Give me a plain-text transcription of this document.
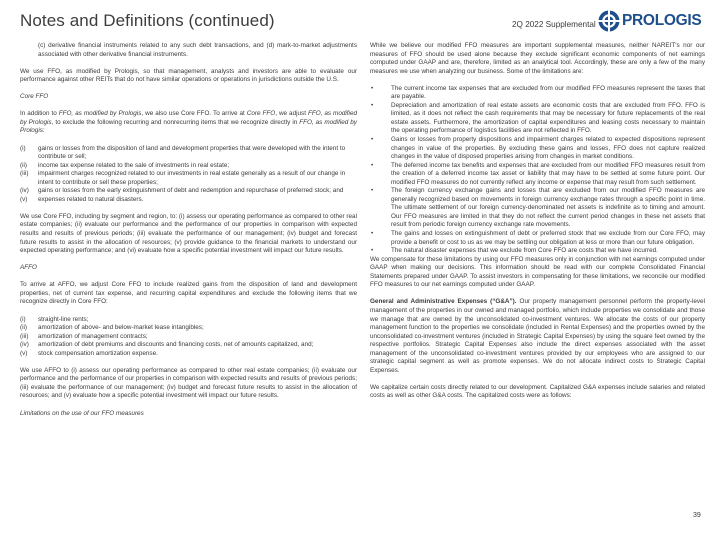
Notes and Definitions (continued)	2Q 2022 Supplemental PROLOGIS

(c) derivative financial instruments related to any such debt transactions, and (d) mark-to-market adjustments associated with other derivative financial instruments.

We use FFO, as modified by Prologis, so that management, analysts and investors are able to evaluate our performance against other REITs that do not have similar operations or operations in jurisdictions outside the U.S.

Core FFO

In addition to FFO, as modified by Prologis, we also use Core FFO. To arrive at Core FFO, we adjust FFO, as modified by Prologis, to exclude the following recurring and nonrecurring items that we recognize directly in FFO, as modified by Prologis:

(i)	gains or losses from the disposition of land and development properties that were developed with the intent to contribute or sell;
(ii)	income tax expense related to the sale of investments in real estate;
(iii)	impairment charges recognized related to our investments in real estate generally as a result of our change in intent to contribute or sell these properties;
(iv)	gains or losses from the early extinguishment of debt and redemption and repurchase of preferred stock; and
(v)	expenses related to natural disasters.

We use Core FFO, including by segment and region, to: (i) assess our operating performance as compared to other real estate companies; (ii) evaluate our performance and the performance of our properties in comparison with expected results and results of previous periods; (iii) evaluate the performance of our management; (iv) budget and forecast future results to assist in the allocation of resources; (v) provide guidance to the financial markets to understand our expected operating performance; and (vi) evaluate how a specific potential investment will impact our future results.

AFFO

To arrive at AFFO, we adjust Core FFO to include realized gains from the disposition of land and development properties, net of current tax expense, and recurring capital expenditures and exclude the following items that we recognize directly in Core FFO:

(i)	straight-line rents;
(ii)	amortization of above- and below-market lease intangibles;
(iii)	amortization of management contracts;
(iv)	amortization of debt premiums and discounts and financing costs, net of amounts capitalized, and;
(v)	stock compensation amortization expense.

We use AFFO to (i) assess our operating performance as compared to other real estate companies; (ii) evaluate our performance and the performance of our properties in comparison with expected results and results of previous periods; (iii) evaluate the performance of our management; (iv) budget and forecast future results to assist in the allocation of resources; and (v) evaluate how a specific potential investment will impact our future results.

Limitations on the use of our FFO measures

While we believe our modified FFO measures are important supplemental measures, neither NAREIT's nor our measures of FFO should be used alone because they exclude significant economic components of net earnings computed under GAAP and are, therefore, limited as an analytical tool. Accordingly, these are only a few of the many measures we use when analyzing our business. Some of the limitations are:

•	The current income tax expenses that are excluded from our modified FFO measures represent the taxes that are payable.
•	Depreciation and amortization of real estate assets are economic costs that are excluded from FFO. FFO is limited, as it does not reflect the cash requirements that may be necessary for future replacements of the real estate assets. Furthermore, the amortization of capital expenditures and leasing costs necessary to maintain the operating performance of logistics facilities are not reflected in FFO.
•	Gains or losses from property dispositions and impairment charges related to expected dispositions represent changes in value of the properties. By excluding these gains and losses, FFO does not capture realized changes in the value of disposed properties arising from changes in market conditions.
•	The deferred income tax benefits and expenses that are excluded from our modified FFO measures result from the creation of a deferred income tax asset or liability that may have to be settled at some future point. Our modified FFO measures do not currently reflect any income or expense that may result from such settlement.
•	The foreign currency exchange gains and losses that are excluded from our modified FFO measures are generally recognized based on movements in foreign currency exchange rates through a specific point in time. The ultimate settlement of our foreign currency-denominated net assets is indefinite as to timing and amount. Our FFO measures are limited in that they do not reflect the current period changes in these net assets that result from periodic foreign currency exchange rate movements.
•	The gains and losses on extinguishment of debt or preferred stock that we exclude from our Core FFO, may provide a benefit or cost to us as we may be settling our obligation at less or more than our future obligation.
•	The natural disaster expenses that we exclude from Core FFO are costs that we have incurred.

We compensate for these limitations by using our FFO measures only in conjunction with net earnings computed under GAAP when making our decisions. This information should be read with our complete Consolidated Financial Statements prepared under GAAP. To assist investors in compensating for these limitations, we reconcile our modified FFO measures to our net earnings computed under GAAP.

General and Administrative Expenses (“G&A”). Our property management personnel perform the property-level management of the properties in our owned and managed portfolio, which include properties we consolidate and those we manage that are owned by the unconsolidated co-investment ventures. We allocate the costs of our property management function to the properties we consolidate (included in Rental Expenses) and the properties owned by the unconsolidated co-investment ventures (included in Strategic Capital Expenses) by using the square feet owned by the respective portfolios. Strategic Capital Expenses also include the direct expenses associated with the asset management of the unconsolidated co-investment ventures provided by our employees who are assigned to our strategic capital segment as well as promote expenses. We do not allocate indirect costs to Strategic Capital Expenses.

We capitalize certain costs directly related to our development. Capitalized G&A expenses include salaries and related costs as well as other G&A costs. The capitalized costs were as follows:

39
